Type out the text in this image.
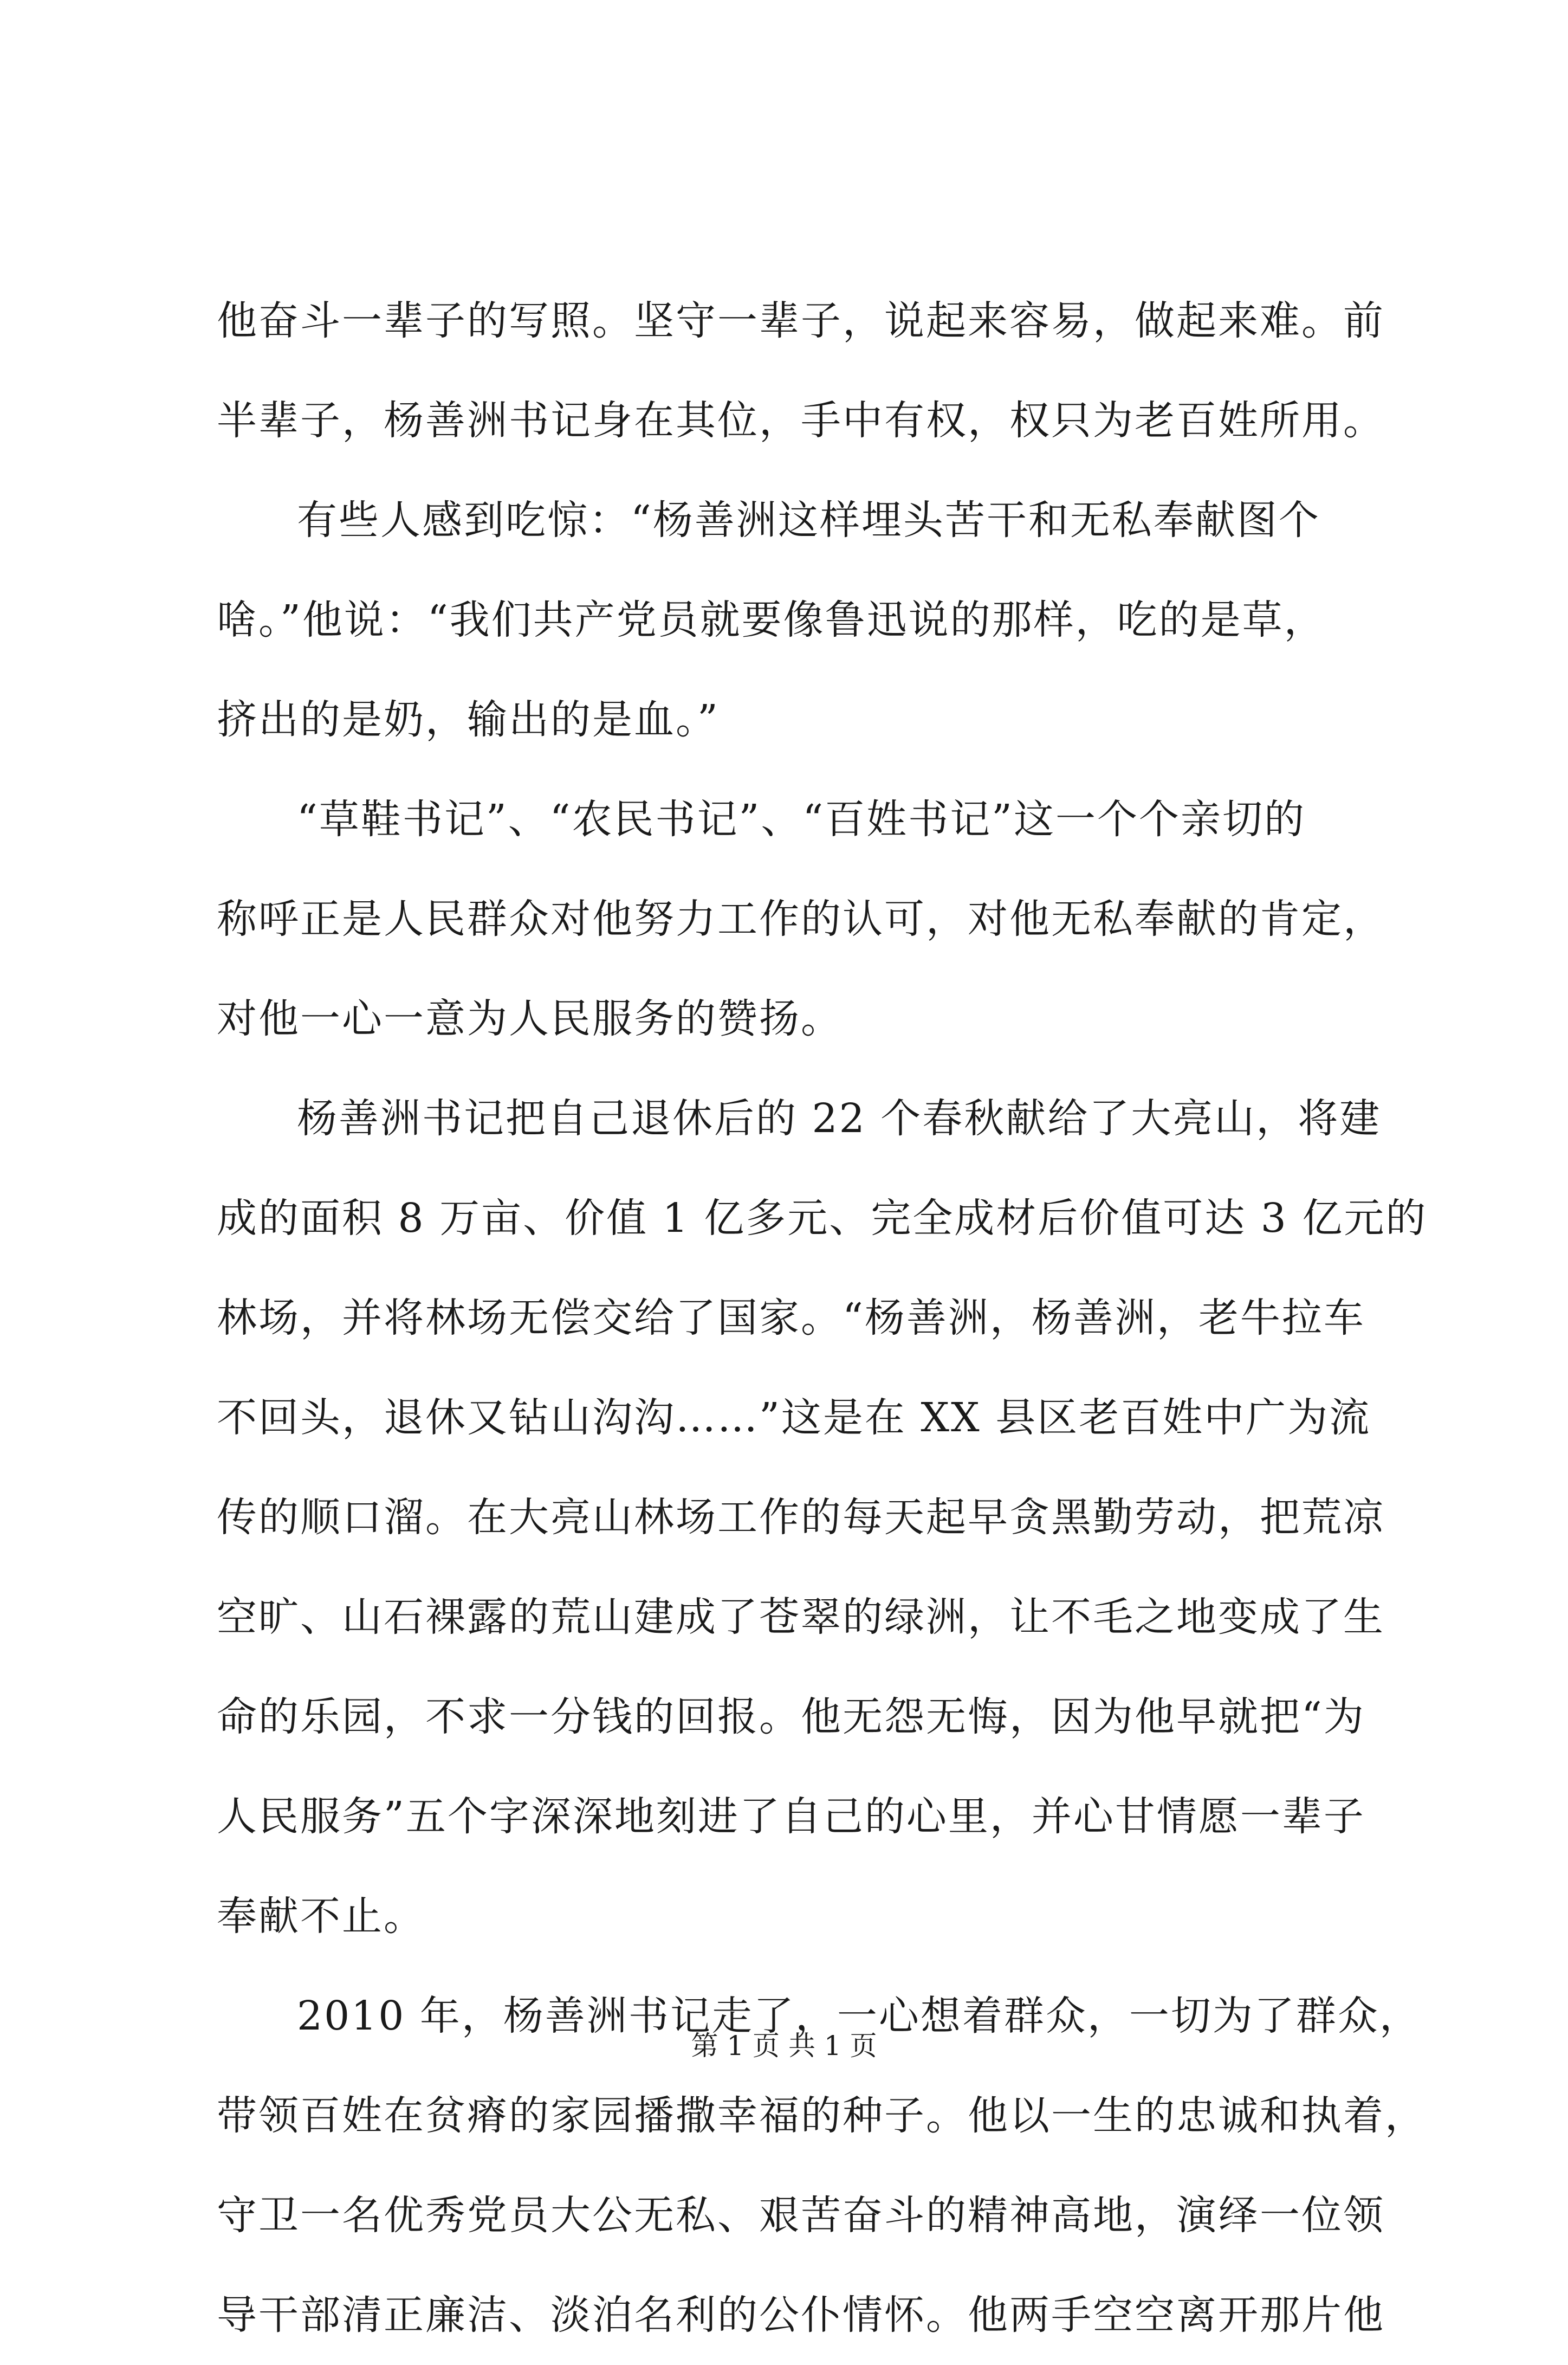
他奋斗一辈子的写照。坚守一辈子，说起来容易，做起来难。前
半辈子，杨善洲书记身在其位，手中有权，权只为老百姓所用。
有些人感到吃惊：“杨善洲这样埋头苦干和无私奉献图个
啥。”他说：“我们共产党员就要像鲁迅说的那样，吃的是草，
挤出的是奶，输出的是血。”
“草鞋书记”、“农民书记”、“百姓书记”这一个个亲切的
称呼正是人民群众对他努力工作的认可，对他无私奉献的肯定，
对他一心一意为人民服务的赞扬。
杨善洲书记把自己退休后的 22 个春秋献给了大亮山，将建
成的面积 8 万亩、价值 1 亿多元、完全成材后价值可达 3 亿元的
林场，并将林场无偿交给了国家。“杨善洲，杨善洲，老牛拉车
不回头，退休又钻山沟沟……”这是在 XX 县区老百姓中广为流
传的顺口溜。在大亮山林场工作的每天起早贪黑勤劳动，把荒凉
空旷、山石裸露的荒山建成了苍翠的绿洲，让不毛之地变成了生
命的乐园，不求一分钱的回报。他无怨无悔，因为他早就把“为
人民服务”五个字深深地刻进了自己的心里，并心甘情愿一辈子
奉献不止。
2010 年，杨善洲书记走了，一心想着群众，一切为了群众，
带领百姓在贫瘠的家园播撒幸福的种子。他以一生的忠诚和执着，
守卫一名优秀党员大公无私、艰苦奋斗的精神高地，演绎一位领
导干部清正廉洁、淡泊名利的公仆情怀。他两手空空离开那片他
第 1 页 共 1 页
